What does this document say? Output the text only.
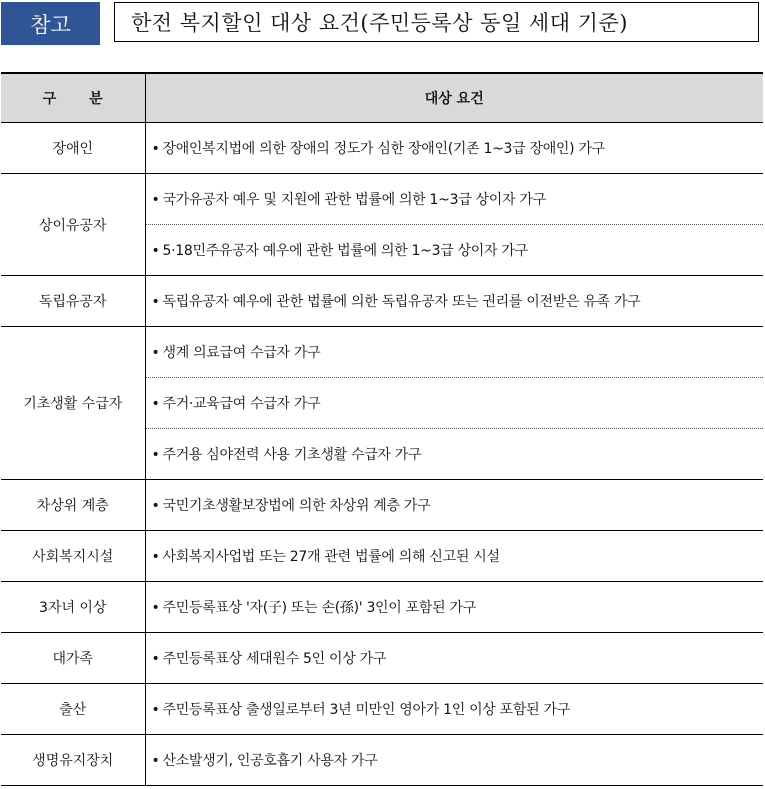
참고	한전 복지할인 대상 요건(주민등록상 동일 세대 기준)
구 분	대상 요건
장애인	• 장애인복지법에 의한 장애의 정도가 심한 장애인(기존 1~3급 장애인) 가구
상이유공자	• 국가유공자 예우 및 지원에 관한 법률에 의한 1~3급 상이자 가구
	• 5·18민주유공자 예우에 관한 법률에 의한 1~3급 상이자 가구
독립유공자	• 독립유공자 예우에 관한 법률에 의한 독립유공자 또는 권리를 이전받은 유족 가구
기초생활 수급자	• 생계 의료급여 수급자 가구
	• 주거·교육급여 수급자 가구
	• 주거용 심야전력 사용 기초생활 수급자 가구
차상위 계층	• 국민기초생활보장법에 의한 차상위 계층 가구
사회복지시설	• 사회복지사업법 또는 27개 관련 법률에 의해 신고된 시설
3자녀 이상	• 주민등록표상 '자(子) 또는 손(孫)' 3인이 포함된 가구
대가족	• 주민등록표상 세대원수 5인 이상 가구
출산	• 주민등록표상 출생일로부터 3년 미만인 영아가 1인 이상 포함된 가구
생명유지장치	• 산소발생기, 인공호흡기 사용자 가구
